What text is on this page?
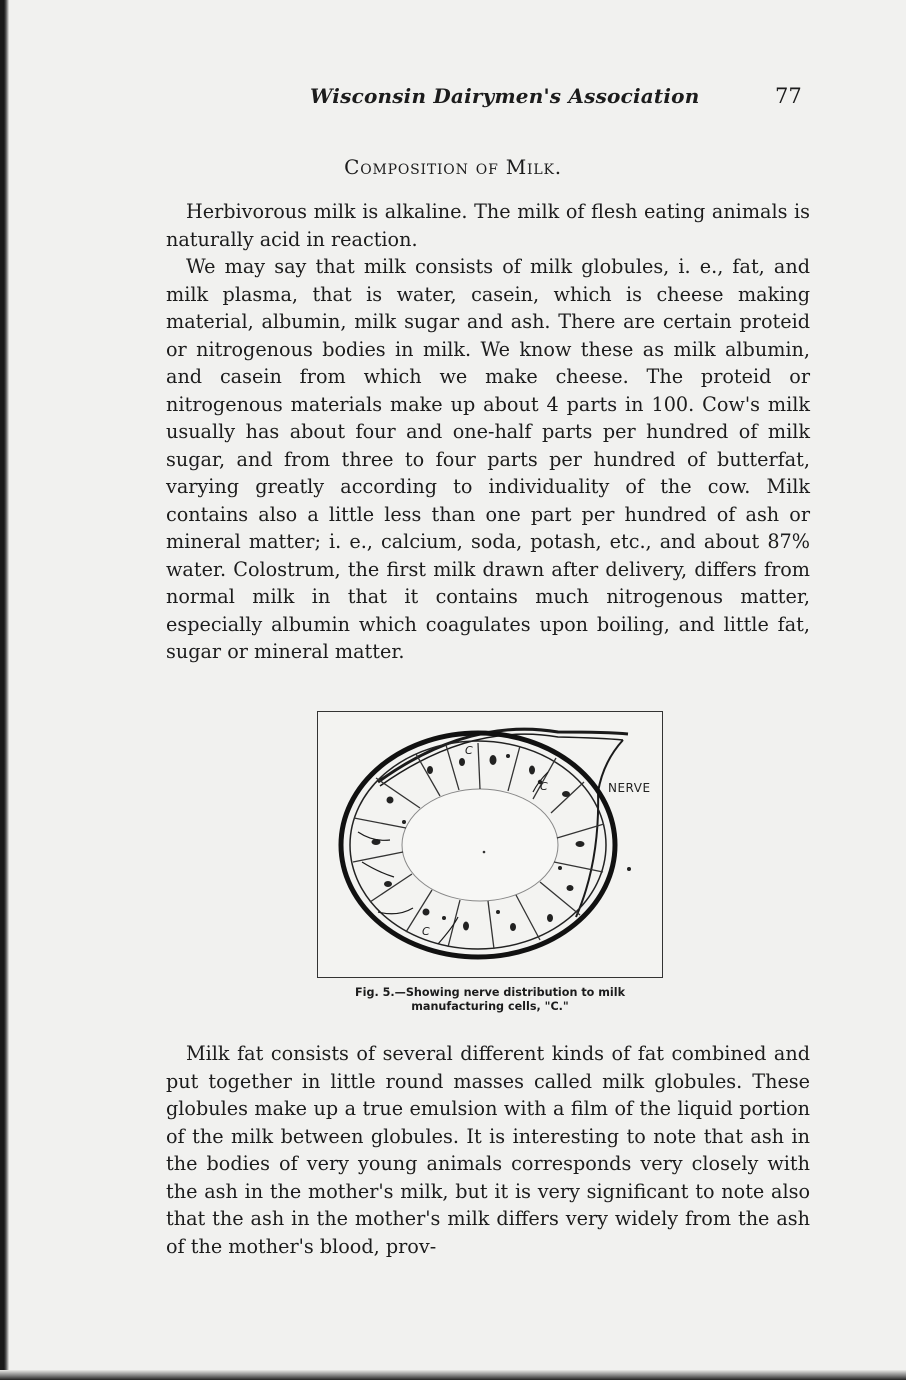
Wisconsin Dairymen's Association	77
Composition of Milk.

Herbivorous milk is alkaline. The milk of flesh eating animals is naturally acid in reaction.

We may say that milk consists of milk globules, i. e., fat, and milk plasma, that is water, casein, which is cheese making material, albumin, milk sugar and ash. There are certain proteid or nitrogenous bodies in milk. We know these as milk albumin, and casein from which we make cheese. The proteid or nitrogenous materials make up about 4 parts in 100. Cow's milk usually has about four and one-half parts per hundred of milk sugar, and from three to four parts per hundred of butterfat, varying greatly according to individuality of the cow. Milk contains also a little less than one part per hundred of ash or mineral matter; i. e., calcium, soda, potash, etc., and about 87% water. Colostrum, the first milk drawn after delivery, differs from normal milk in that it contains much nitrogenous matter, especially albumin which coagulates upon boiling, and little fat, sugar or mineral matter.

C
C
C
NERVE
Fig. 5.—Showing nerve distribution to milk
manufacturing cells, "C."

Milk fat consists of several different kinds of fat combined and put together in little round masses called milk globules. These globules make up a true emulsion with a film of the liquid portion of the milk between globules. It is interesting to note that ash in the bodies of very young animals corresponds very closely with the ash in the mother's milk, but it is very significant to note also that the ash in the mother's milk differs very widely from the ash of the mother's blood, prov-
